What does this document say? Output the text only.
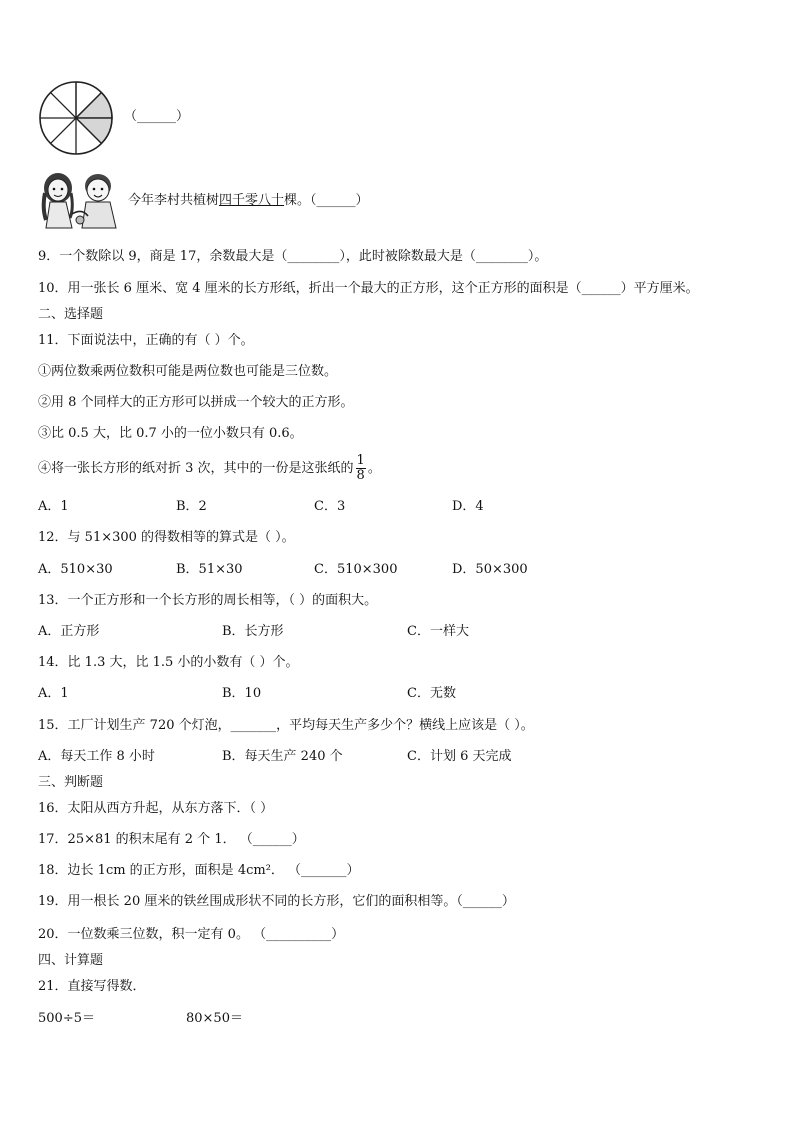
（______）
今年李村共植树四千零八十棵。（______）
9．一个数除以 9，商是 17，余数最大是（________），此时被除数最大是（________）。
10．用一张长 6 厘米、宽 4 厘米的长方形纸，折出一个最大的正方形，这个正方形的面积是（______）平方厘米。
二、选择题
11．下面说法中，正确的有（ ）个。
①两位数乘两位数积可能是两位数也可能是三位数。
②用 8 个同样大的正方形可以拼成一个较大的正方形。
③比 0.5 大，比 0.7 小的一位小数只有 0.6。
④将一张长方形的纸对折 3 次，其中的一份是这张纸的 $\frac{1}{8}$ 。
A．1	B．2	C．3	D．4
12．与 51×300 的得数相等的算式是（ ）。
A．510×30	B．51×30	C．510×300	D．50×300
13．一个正方形和一个长方形的周长相等，（ ）的面积大。
A．正方形	B．长方形	C．一样大
14．比 1.3 大，比 1.5 小的小数有（ ）个。
A．1	B．10	C．无数
15．工厂计划生产 720 个灯泡，_______，平均每天生产多少个？横线上应该是（ ）。
A．每天工作 8 小时	B．每天生产 240 个	C．计划 6 天完成
三、判断题
16．太阳从西方升起，从东方落下．（ ）
17．25×81 的积末尾有 2 个 1． （______）
18．边长 1cm 的正方形，面积是 4cm²． （_______）
19．用一根长 20 厘米的铁丝围成形状不同的长方形，它们的面积相等。（______）
20．一位数乘三位数，积一定有 0。 （__________）
四、计算题
21．直接写得数．
500÷5＝	80×50＝
